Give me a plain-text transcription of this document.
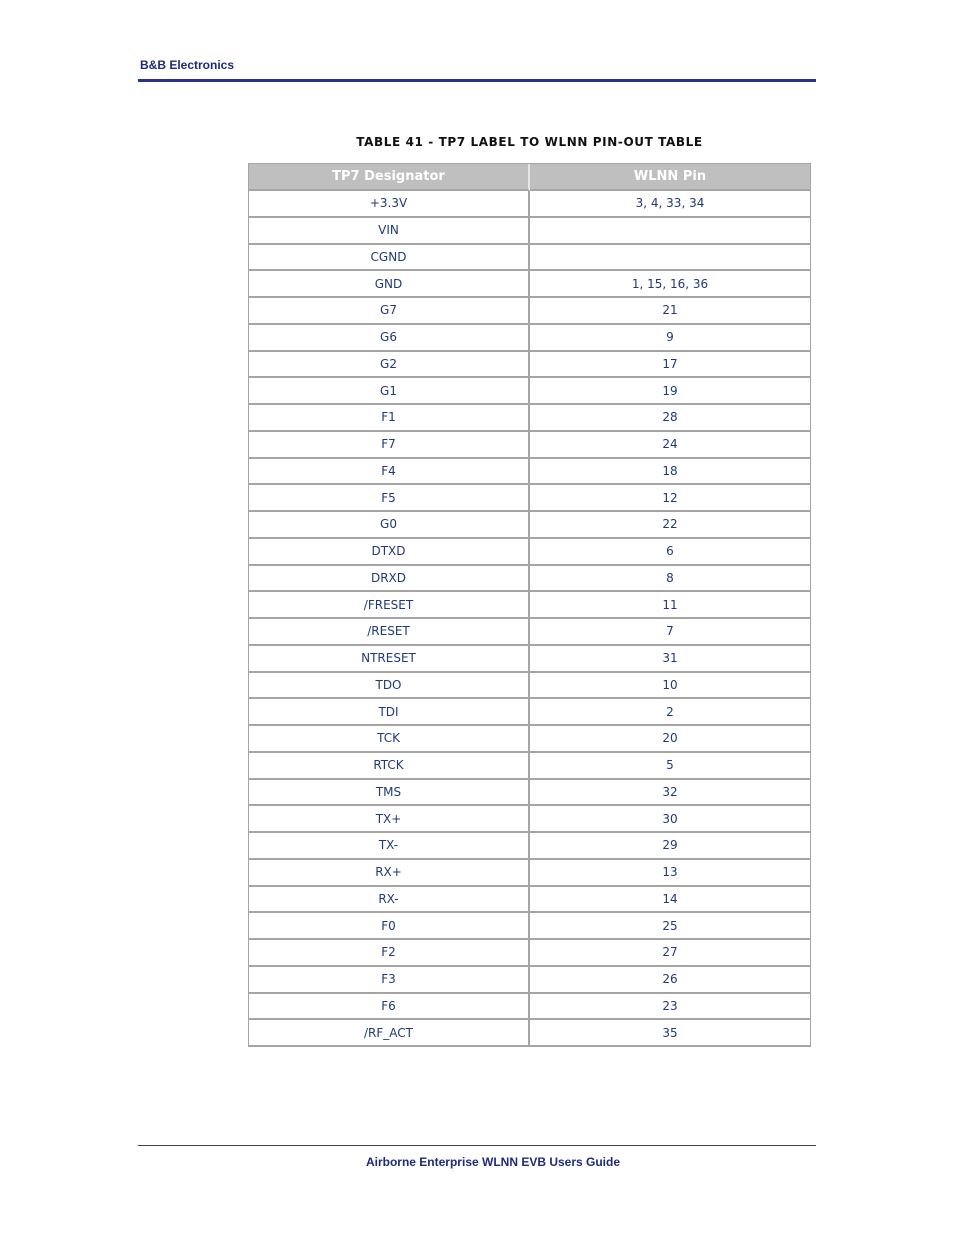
B&B Electronics
TABLE 41 - TP7 LABEL TO WLNN PIN-OUT TABLE
TP7 Designator	WLNN Pin
+3.3V	3, 4, 33, 34
VIN	
CGND	
GND	1, 15, 16, 36
G7	21
G6	9
G2	17
G1	19
F1	28
F7	24
F4	18
F5	12
G0	22
DTXD	6
DRXD	8
/FRESET	11
/RESET	7
NTRESET	31
TDO	10
TDI	2
TCK	20
RTCK	5
TMS	32
TX+	30
TX-	29
RX+	13
RX-	14
F0	25
F2	27
F3	26
F6	23
/RF_ACT	35
Airborne Enterprise WLNN EVB Users Guide
